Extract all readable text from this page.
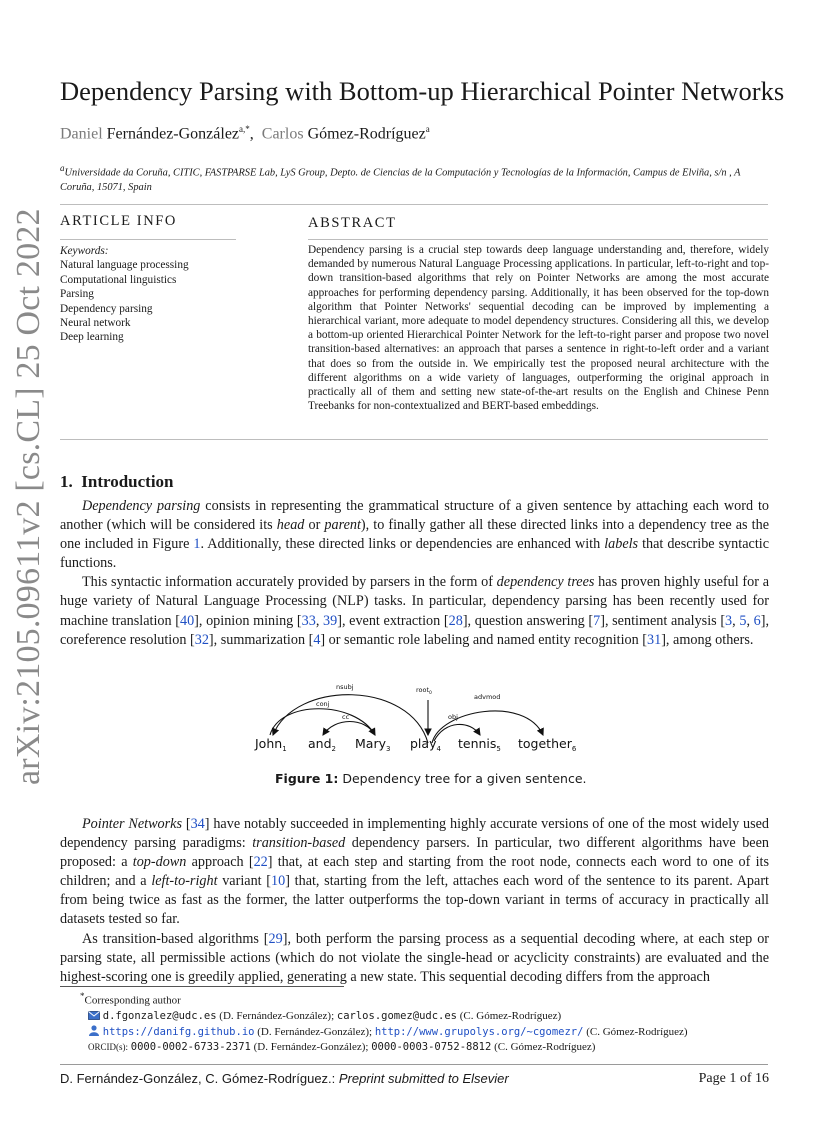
arXiv:2105.09611v2 [cs.CL] 25 Oct 2022
Dependency Parsing with Bottom-up Hierarchical Pointer Networks
Daniel Fernández-González$^{a,*}$,  Carlos Gómez-Rodríguez$^a$
$^a$Universidade da Coruña, CITIC, FASTPARSE Lab, LyS Group, Depto. de Ciencias de la Computación y Tecnologías de la Información, Campus de Elviña, s/n , A Coruña, 15071, Spain
ARTICLE INFO
Keywords:
Natural language processing
Computational linguistics
Parsing
Dependency parsing
Neural network
Deep learning
ABSTRACT
Dependency parsing is a crucial step towards deep language understanding and, therefore, widely demanded by numerous Natural Language Processing applications. In particular, left-to-right and top-down transition-based algorithms that rely on Pointer Networks are among the most accurate approaches for performing dependency parsing. Additionally, it has been observed for the top-down algorithm that Pointer Networks' sequential decoding can be improved by implementing a hierarchical variant, more adequate to model dependency structures. Considering all this, we develop a bottom-up oriented Hierarchical Pointer Network for the left-to-right parser and propose two novel transition-based alternatives: an approach that parses a sentence in right-to-left order and a variant that does so from the outside in. We empirically test the proposed neural architecture with the different algorithms on a wide variety of languages, outperforming the original approach in practically all of them and setting new state-of-the-art results on the English and Chinese Penn Treebanks for non-contextualized and BERT-based embeddings.
1. Introduction

Dependency parsing consists in representing the grammatical structure of a given sentence by attaching each word to another (which will be considered its head or parent), to finally gather all these directed links into a dependency tree as the one included in Figure 1. Additionally, these directed links or dependencies are enhanced with labels that describe syntactic functions.

This syntactic information accurately provided by parsers in the form of dependency trees has proven highly useful for a huge variety of Natural Language Processing (NLP) tasks. In particular, dependency parsing has been recently used for machine translation [40], opinion mining [33, 39], event extraction [28], question answering [7], sentiment analysis [3, 5, 6], coreference resolution [32], summarization [4] or semantic role labeling and named entity recognition [31], among others.

nsubj
conj
cc
root$_0$	advmod
obj
John$_1$ and$_2$ Mary$_3$ play$_4$ tennis$_5$ together$_6$
Figure 1: Dependency tree for a given sentence.

Pointer Networks [34] have notably succeeded in implementing highly accurate versions of one of the most widely used dependency parsing paradigms: transition-based dependency parsers. In particular, two different algorithms have been proposed: a top-down approach [22] that, at each step and starting from the root node, connects each word to one of its children; and a left-to-right variant [10] that, starting from the left, attaches each word of the sentence to its parent. Apart from being twice as fast as the former, the latter outperforms the top-down variant in terms of accuracy in practically all datasets tested so far.

As transition-based algorithms [29], both perform the parsing process as a sequential decoding where, at each step or parsing state, all permissible actions (which do not violate the single-head or acyclicity constraints) are evaluated and the highest-scoring one is greedily applied, generating a new state. This sequential decoding differs from the approach

*Corresponding author
d.fgonzalez@udc.es (D. Fernández-González); carlos.gomez@udc.es (C. Gómez-Rodríguez)
https://danifg.github.io (D. Fernández-González); http://www.grupolys.org/~cgomezr/ (C. Gómez-Rodríguez)
ORCID(s): 0000-0002-6733-2371 (D. Fernández-González); 0000-0003-0752-8812 (C. Gómez-Rodríguez)
D. Fernández-González, C. Gómez-Rodríguez.: Preprint submitted to Elsevier	Page 1 of 16
